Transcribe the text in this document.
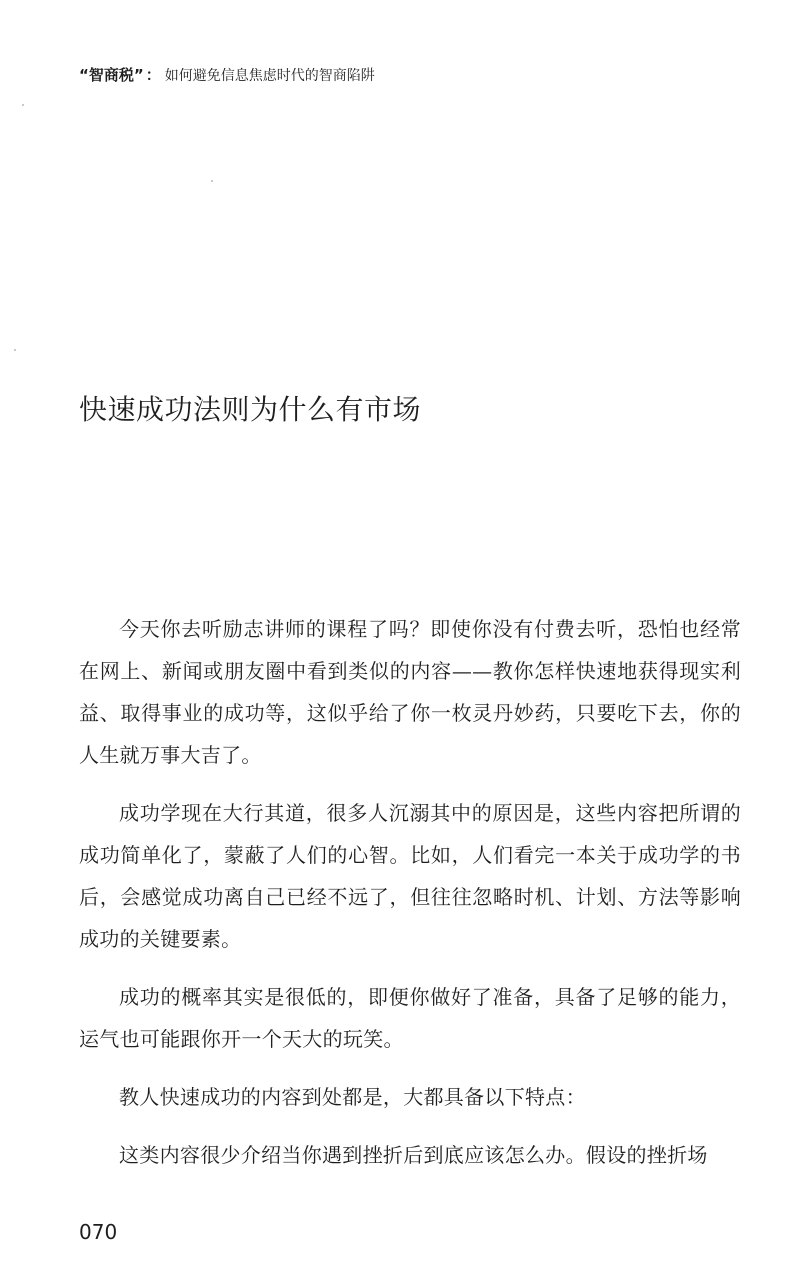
“智商税” ： 如何避免信息焦虑时代的智商陷阱
快速成功法则为什么有市场

今天你去听励志讲师的课程了吗？即使你没有付费去听，恐怕也经常在网上、新闻或朋友圈中看到类似的内容——教你怎样快速地获得现实利益、取得事业的成功等，这似乎给了你一枚灵丹妙药，只要吃下去，你的人生就万事大吉了。

成功学现在大行其道，很多人沉溺其中的原因是，这些内容把所谓的成功简单化了，蒙蔽了人们的心智。比如，人们看完一本关于成功学的书后，会感觉成功离自己已经不远了，但往往忽略时机、计划、方法等影响成功的关键要素。

成功的概率其实是很低的，即便你做好了准备，具备了足够的能力，运气也可能跟你开一个天大的玩笑。

教人快速成功的内容到处都是，大都具备以下特点：

这类内容很少介绍当你遇到挫折后到底应该怎么办。假设的挫折场

070
